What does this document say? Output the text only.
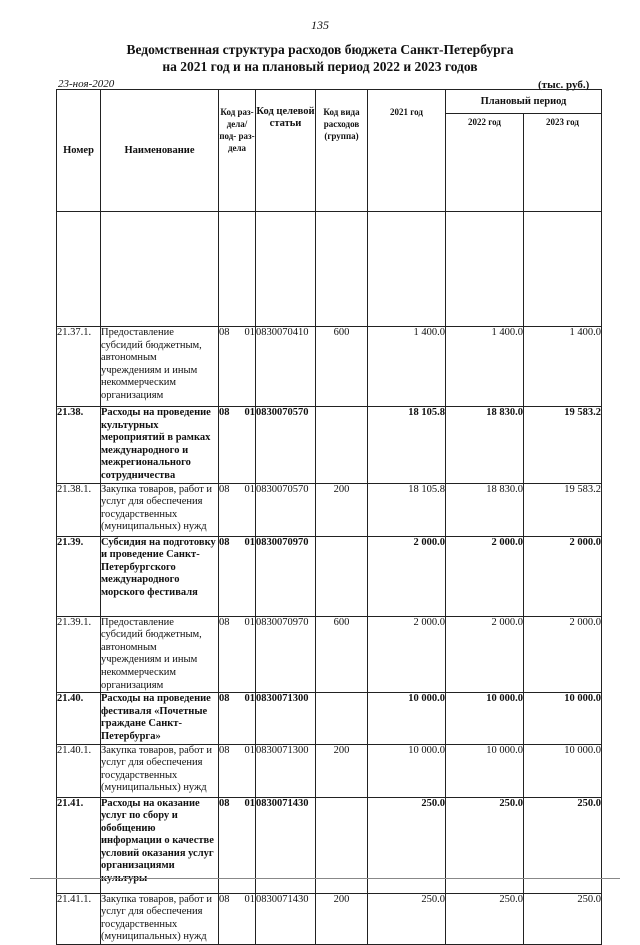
135
Ведомственная структура расходов бюджета Санкт-Петербурга
на 2021 год и на плановый период 2022 и 2023 годов
23-ноя-2020	(тыс. руб.)
Номер	Наименование	Код раз- дела/ под- раз- дела	Код целевой статьи	Код вида расходов (группа)	2021 год	Плановый период	
						2022 год	2023 год

21.37.1.	Предоставление субсидий бюджетным, автономным учреждениям и иным некоммерческим организациям	08 01	0830070410	600	1 400.0	1 400.0	1 400.0
21.38.	Расходы на проведение культурных мероприятий в рамках международного и межрегионального сотрудничества	08 01	0830070570		18 105.8	18 830.0	19 583.2
21.38.1.	Закупка товаров, работ и услуг для обеспечения государственных (муниципальных) нужд	08 01	0830070570	200	18 105.8	18 830.0	19 583.2
21.39.	Субсидия на подготовку и проведение Санкт-Петербургского международного морского фестиваля	08 01	0830070970		2 000.0	2 000.0	2 000.0
21.39.1.	Предоставление субсидий бюджетным, автономным учреждениям и иным некоммерческим организациям	08 01	0830070970	600	2 000.0	2 000.0	2 000.0
21.40.	Расходы на проведение фестиваля «Почетные граждане Санкт-Петербурга»	08 01	0830071300		10 000.0	10 000.0	10 000.0
21.40.1.	Закупка товаров, работ и услуг для обеспечения государственных (муниципальных) нужд	08 01	0830071300	200	10 000.0	10 000.0	10 000.0
21.41.	Расходы на оказание услуг по сбору и обобщению информации о качестве условий оказания услуг организациями культуры	08 01	0830071430		250.0	250.0	250.0
21.41.1.	Закупка товаров, работ и услуг для обеспечения государственных (муниципальных) нужд	08 01	0830071430	200	250.0	250.0	250.0
